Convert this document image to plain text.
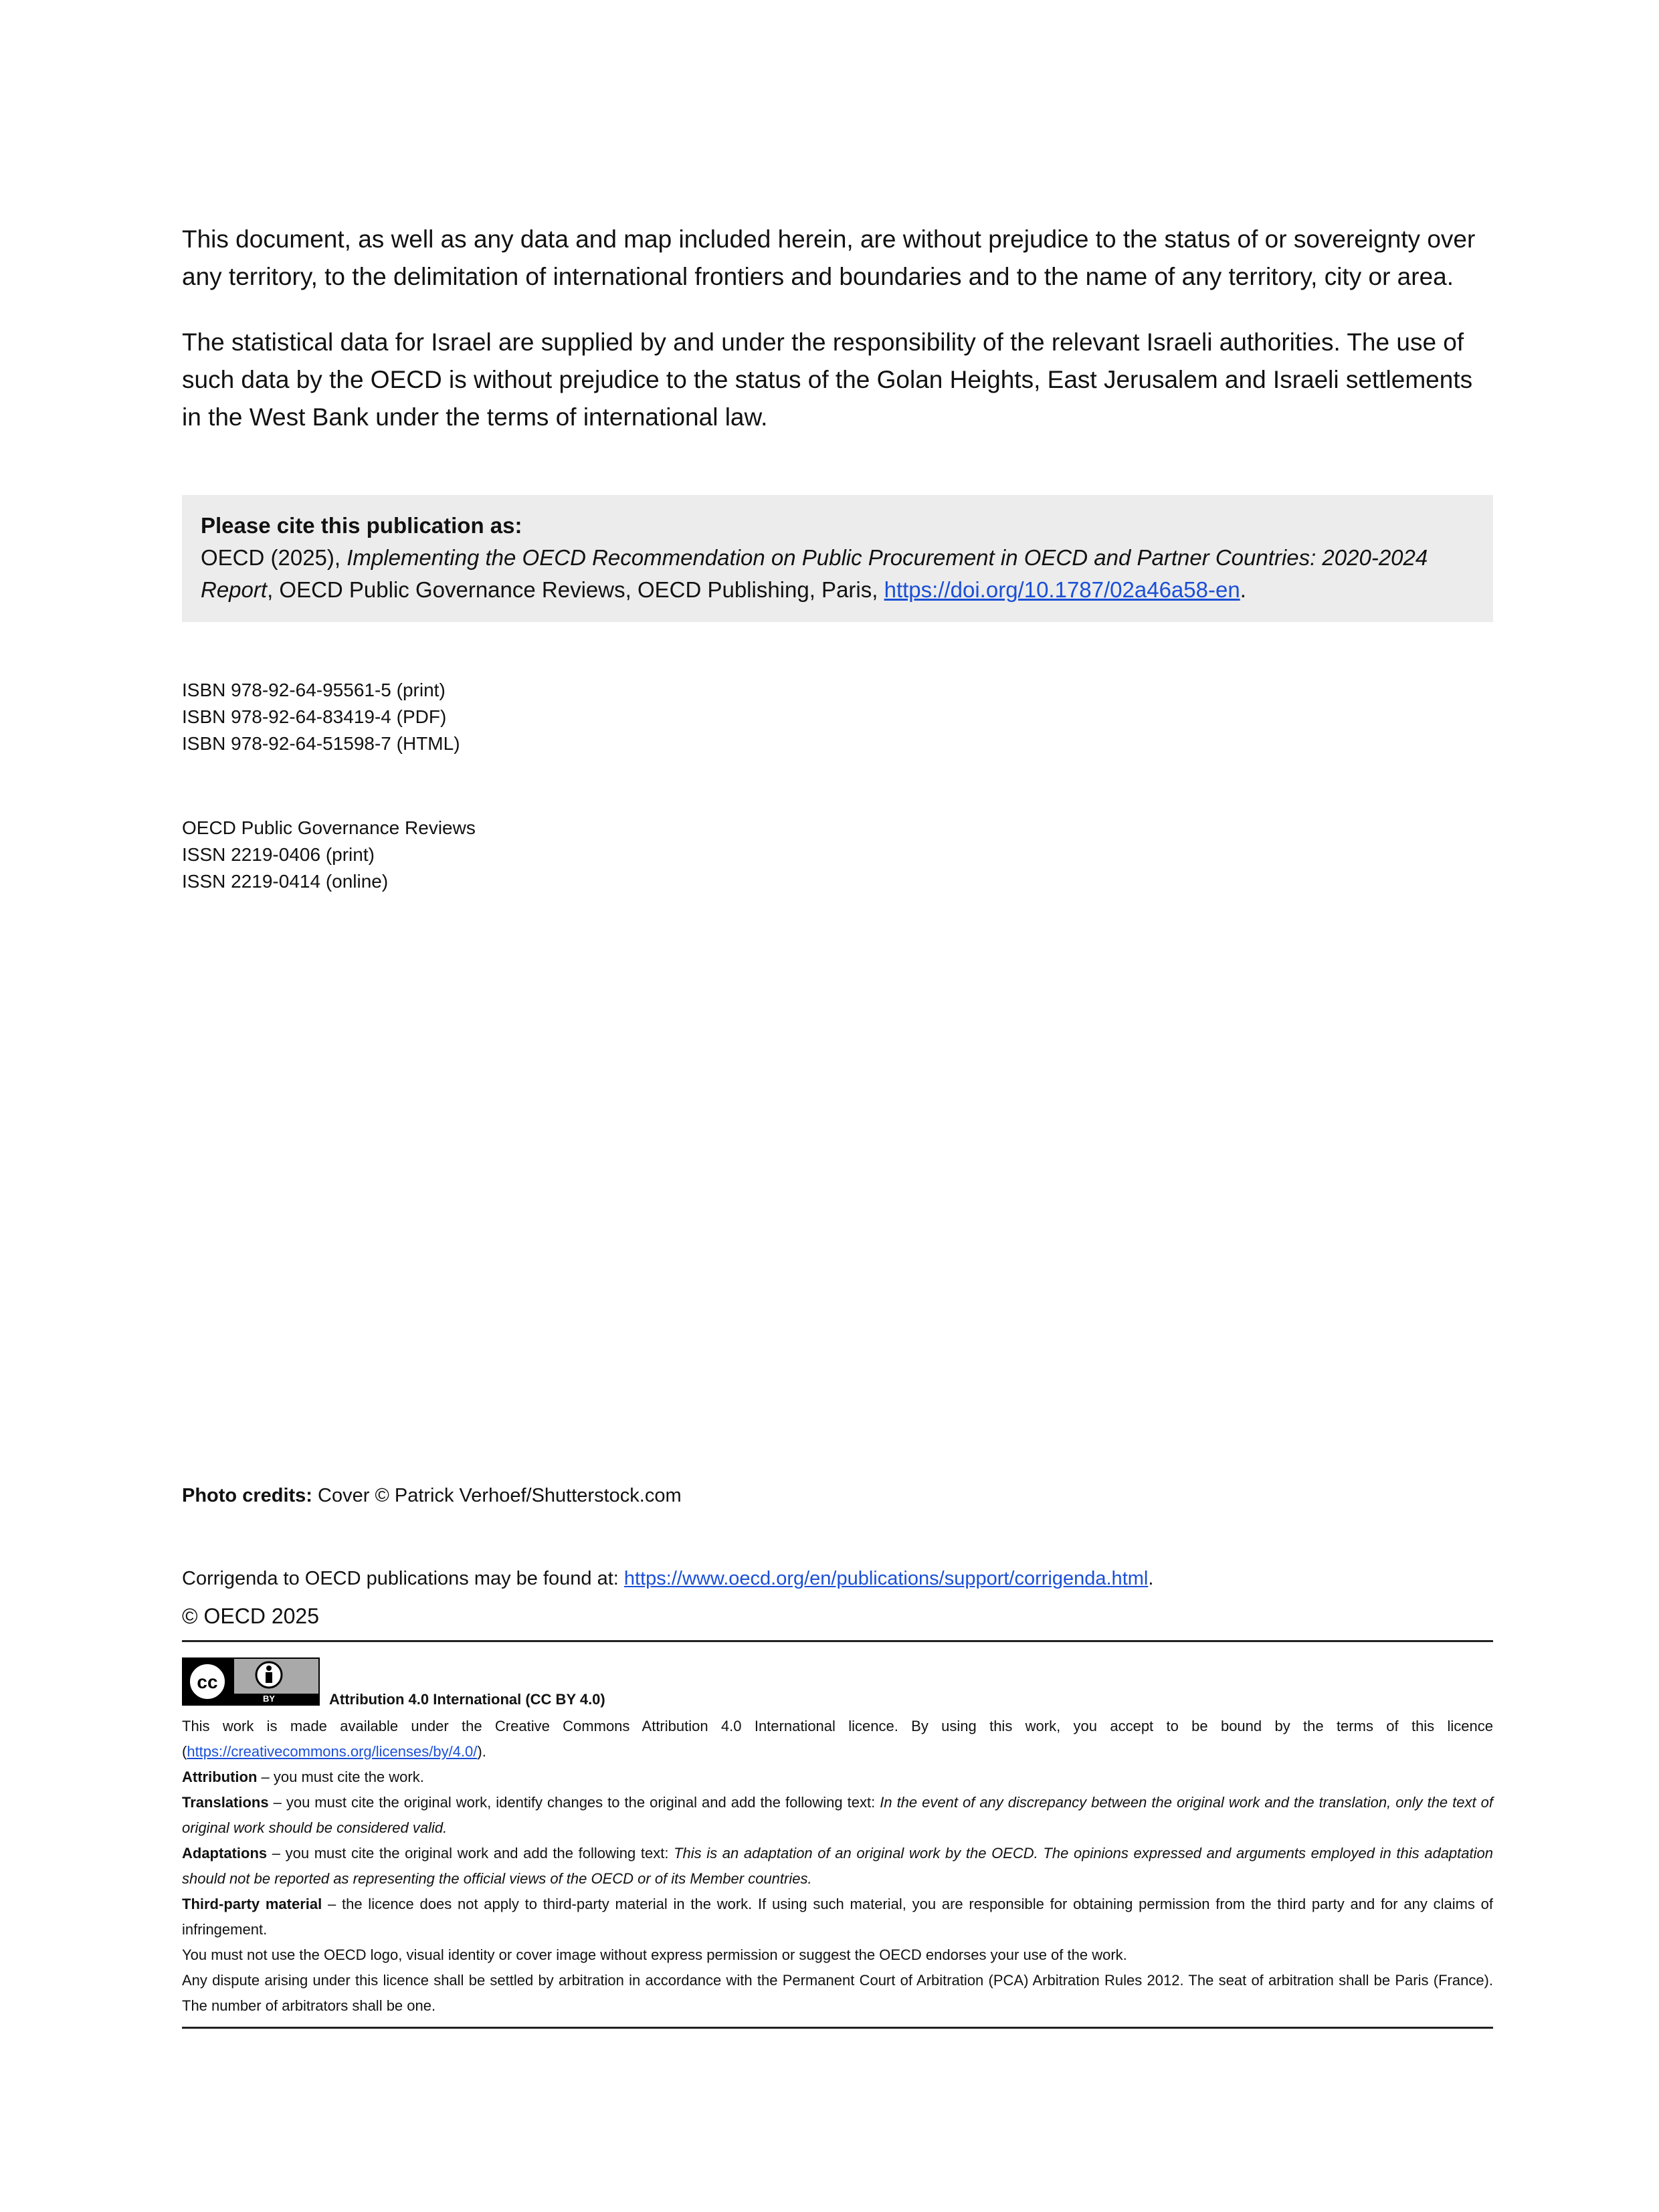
This document, as well as any data and map included herein, are without prejudice to the status of or sovereignty over any territory, to the delimitation of international frontiers and boundaries and to the name of any territory, city or area.

The statistical data for Israel are supplied by and under the responsibility of the relevant Israeli authorities. The use of such data by the OECD is without prejudice to the status of the Golan Heights, East Jerusalem and Israeli settlements in the West Bank under the terms of international law.

Please cite this publication as:
OECD (2025), Implementing the OECD Recommendation on Public Procurement in OECD and Partner Countries: 2020-2024 Report, OECD Public Governance Reviews, OECD Publishing, Paris, https://doi.org/10.1787/02a46a58-en.
ISBN 978-92-64-95561-5 (print)
ISBN 978-92-64-83419-4 (PDF)
ISBN 978-92-64-51598-7 (HTML)
OECD Public Governance Reviews
ISSN 2219-0406 (print)
ISSN 2219-0414 (online)
Photo credits: Cover © Patrick Verhoef/Shutterstock.com
Corrigenda to OECD publications may be found at: https://www.oecd.org/en/publications/support/corrigenda.html.
© OECD 2025
cc
BY	Attribution 4.0 International (CC BY 4.0)

This work is made available under the Creative Commons Attribution 4.0 International licence. By using this work, you accept to be bound by the terms of this licence (https://creativecommons.org/licenses/by/4.0/).

Attribution – you must cite the work.

Translations – you must cite the original work, identify changes to the original and add the following text: In the event of any discrepancy between the original work and the translation, only the text of original work should be considered valid.

Adaptations – you must cite the original work and add the following text: This is an adaptation of an original work by the OECD. The opinions expressed and arguments employed in this adaptation should not be reported as representing the official views of the OECD or of its Member countries.

Third-party material – the licence does not apply to third-party material in the work. If using such material, you are responsible for obtaining permission from the third party and for any claims of infringement.

You must not use the OECD logo, visual identity or cover image without express permission or suggest the OECD endorses your use of the work.

Any dispute arising under this licence shall be settled by arbitration in accordance with the Permanent Court of Arbitration (PCA) Arbitration Rules 2012. The seat of arbitration shall be Paris (France). The number of arbitrators shall be one.
